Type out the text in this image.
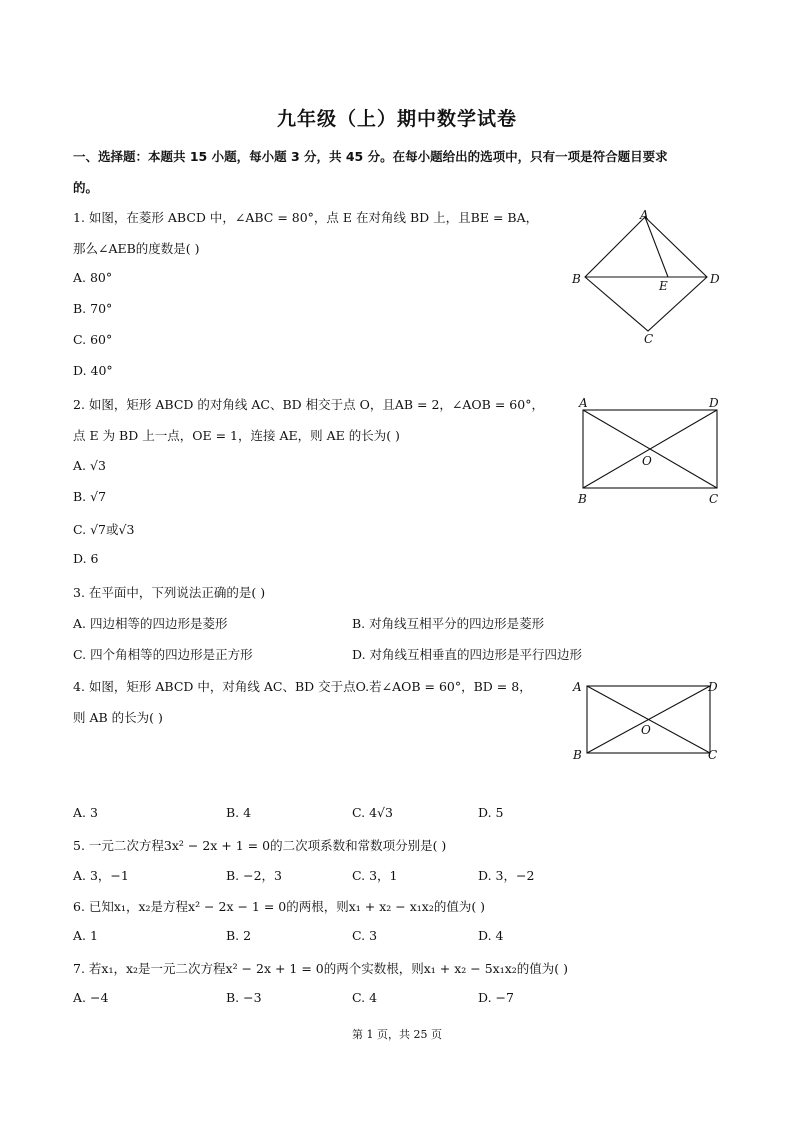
九年级（上）期中数学试卷
一、选择题：本题共 15 小题，每小题 3 分，共 45 分。在每小题给出的选项中，只有一项是符合题目要求
的。
1. 如图，在菱形 ABCD 中，∠ABC = 80°，点 E 在对角线 BD 上，且BE = BA，
那么∠AEB的度数是( )
A. 80°
B. 70°
C. 60°
D. 40°
A
B
C
D
E
2. 如图，矩形 ABCD 的对角线 AC、BD 相交于点 O，且AB = 2，∠AOB = 60°，
点 E 为 BD 上一点，OE = 1，连接 AE，则 AE 的长为( )
A. √3
B. √7
C. √7或√3
D. 6
A	D
O
B	C
3. 在平面中，下列说法正确的是( )
A. 四边相等的四边形是菱形	B. 对角线互相平分的四边形是菱形
C. 四个角相等的四边形是正方形	D. 对角线互相垂直的四边形是平行四边形
4. 如图，矩形 ABCD 中，对角线 AC、BD 交于点O.若∠AOB = 60°，BD = 8，
则 AB 的长为( )
A	D
O
B	C
A. 3	B. 4	C. 4√3	D. 5
5. 一元二次方程3x² − 2x + 1 = 0的二次项系数和常数项分别是( )
A. 3，−1	B. −2，3	C. 3，1	D. 3，−2
6. 已知x₁，x₂是方程x² − 2x − 1 = 0的两根，则x₁ + x₂ − x₁x₂的值为( )
A. 1	B. 2	C. 3	D. 4
7. 若x₁，x₂是一元二次方程x² − 2x + 1 = 0的两个实数根，则x₁ + x₂ − 5x₁x₂的值为( )
A. −4	B. −3	C. 4	D. −7
第 1 页，共 25 页
